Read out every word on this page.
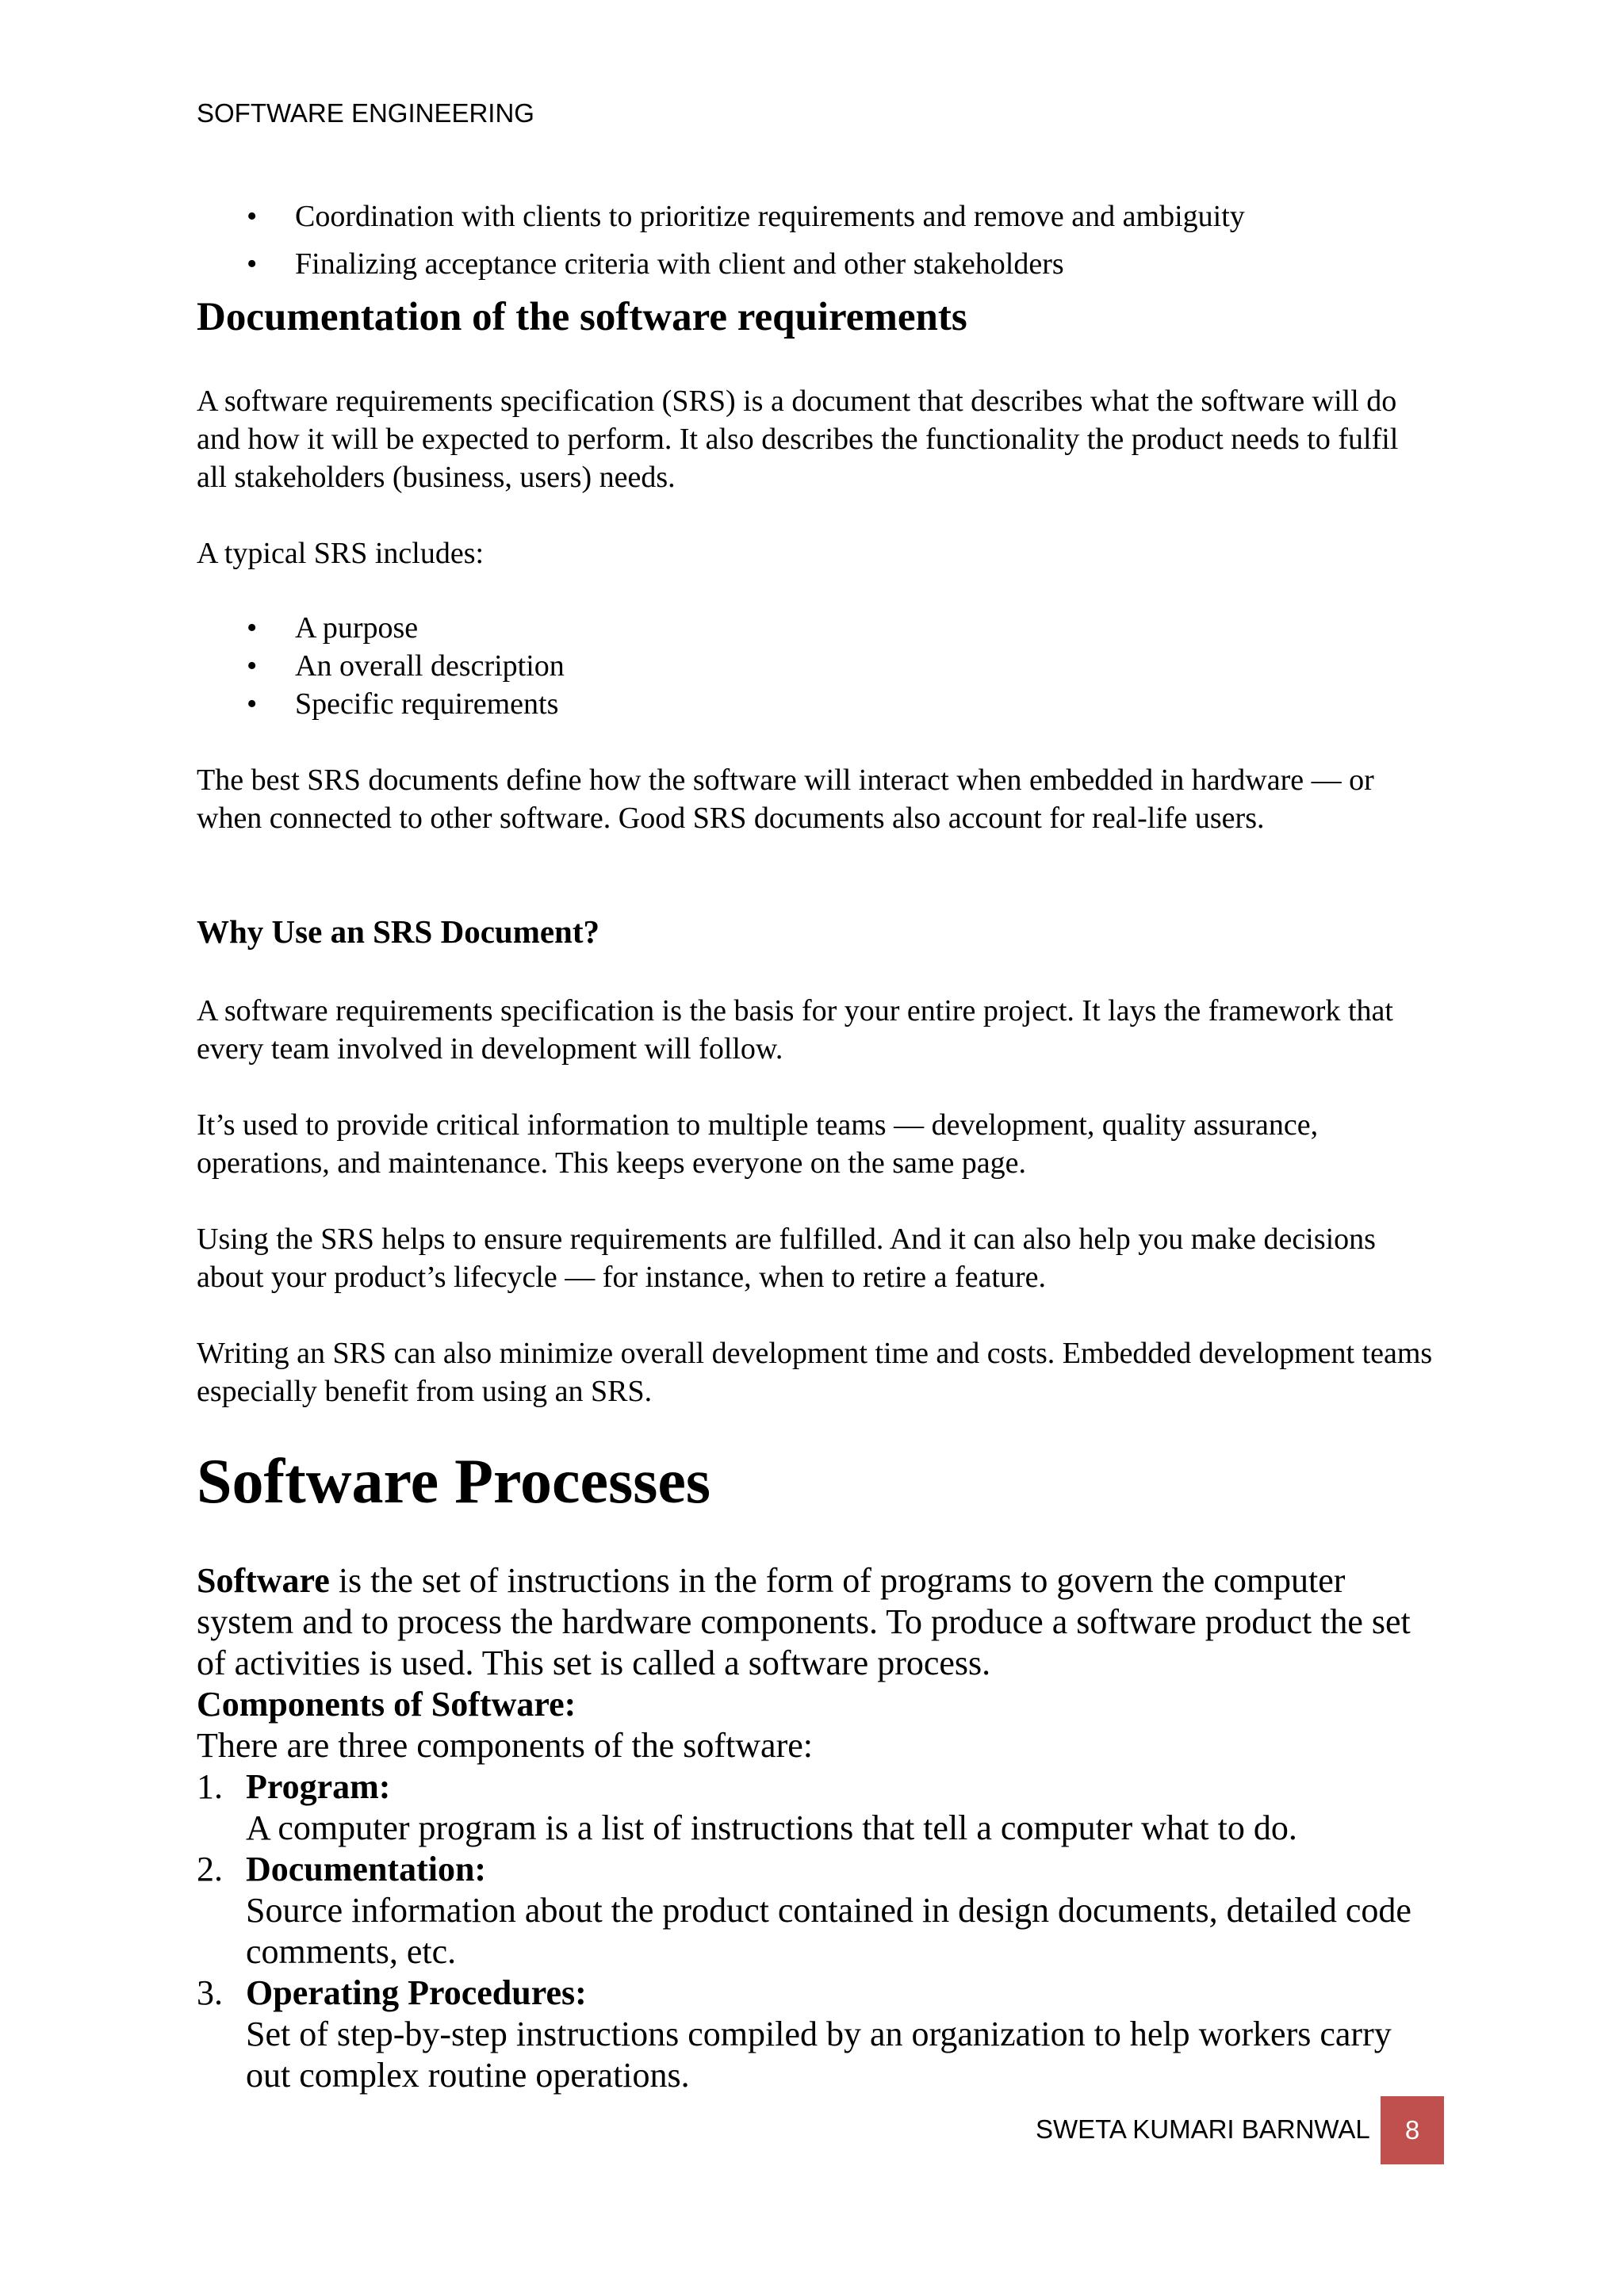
SOFTWARE ENGINEERING
• Coordination with clients to prioritize requirements and remove and ambiguity
• Finalizing acceptance criteria with client and other stakeholders
Documentation of the software requirements

A software requirements specification (SRS) is a document that describes what the software will do and how it will be expected to perform. It also describes the functionality the product needs to fulfil all stakeholders (business, users) needs.

A typical SRS includes:

• A purpose
• An overall description
• Specific requirements

The best SRS documents define how the software will interact when embedded in hardware — or when connected to other software. Good SRS documents also account for real-life users.

Why Use an SRS Document?

A software requirements specification is the basis for your entire project. It lays the framework that every team involved in development will follow.

It’s used to provide critical information to multiple teams — development, quality assurance, operations, and maintenance. This keeps everyone on the same page.

Using the SRS helps to ensure requirements are fulfilled. And it can also help you make decisions about your product’s lifecycle — for instance, when to retire a feature.

Writing an SRS can also minimize overall development time and costs. Embedded development teams especially benefit from using an SRS.

Software Processes

Software is the set of instructions in the form of programs to govern the computer system and to process the hardware components. To produce a software product the set of activities is used. This set is called a software process.

Components of Software:
There are three components of the software:
1. Program:

A computer program is a list of instructions that tell a computer what to do.

2. Documentation:

Source information about the product contained in design documents, detailed code comments, etc.

3. Operating Procedures:

Set of step-by-step instructions compiled by an organization to help workers carry out complex routine operations.

SWETA KUMARI BARNWAL	8
